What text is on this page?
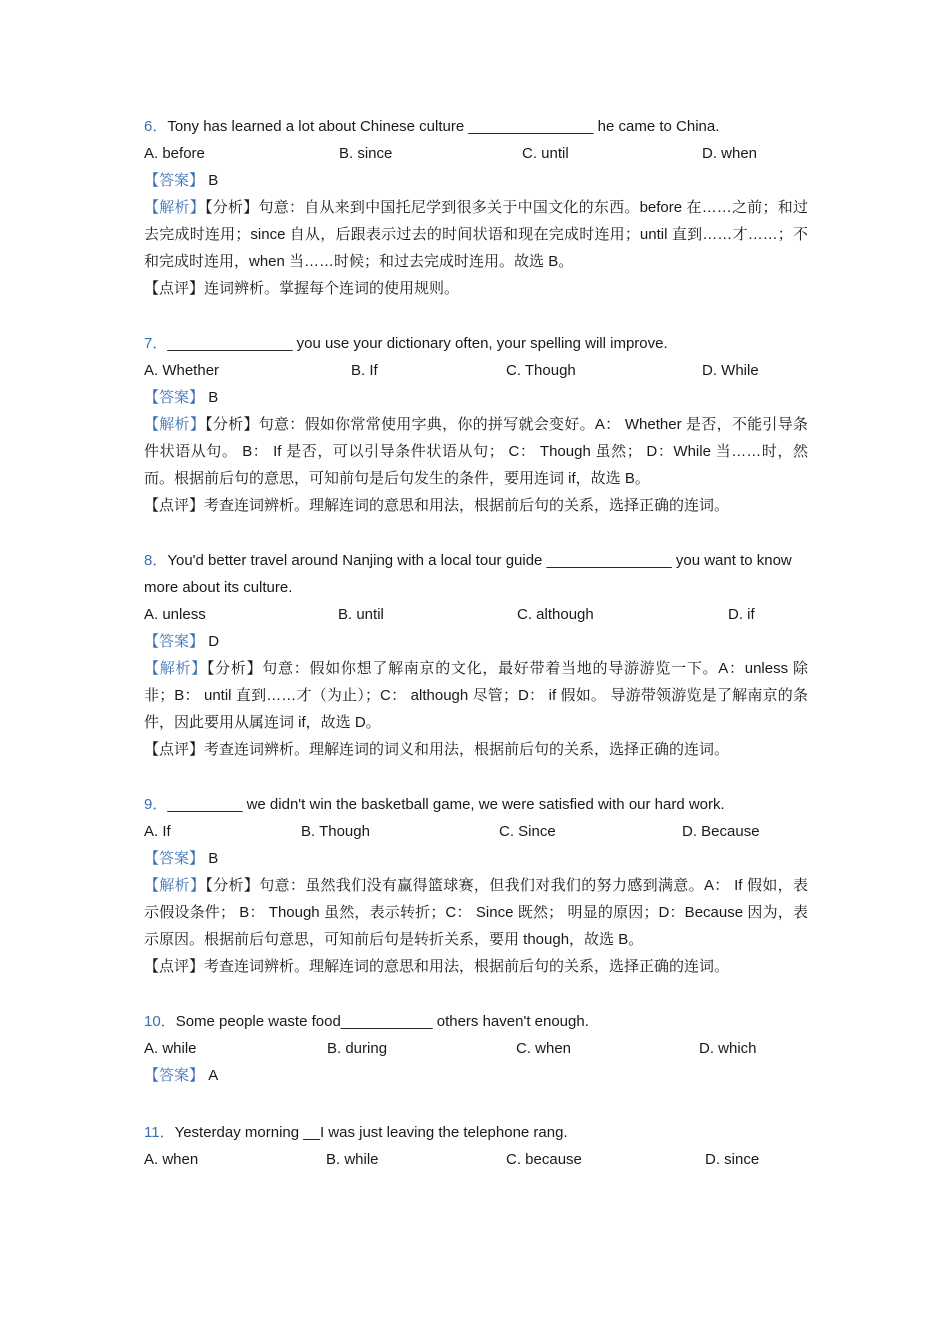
6．Tony has learned a lot about Chinese culture _______________ he came to China.
A. before	B. since	C. until	D. when
【答案】 B
【解析】【分析】句意：自从来到中国托尼学到很多关于中国文化的东西。before 在……之前；和过去完成时连用；since 自从，后跟表示过去的时间状语和现在完成时连用；until 直到……才……；不和完成时连用，when 当……时候；和过去完成时连用。故选 B。
【点评】连词辨析。掌握每个连词的使用规则。
7．_______________ you use your dictionary often, your spelling will improve.
A. Whether	B. If	C. Though	D. While
【答案】 B
【解析】【分析】句意：假如你常常使用字典，你的拼写就会变好。A： Whether 是否，不能引导条件状语从句。 B： If 是否，可以引导条件状语从句； C： Though 虽然； D：While 当……时，然而。根据前后句的意思，可知前句是后句发生的条件，要用连词 if，故选 B。
【点评】考查连词辨析。理解连词的意思和用法，根据前后句的关系，选择正确的连词。
8．You'd better travel around Nanjing with a local tour guide _______________ you want to know
more about its culture.
A. unless	B. until	C. although	D. if
【答案】 D
【解析】【分析】句意：假如你想了解南京的文化，最好带着当地的导游游览一下。A：unless 除非；B： until 直到……才（为止）；C： although 尽管；D： if 假如。 导游带领游览是了解南京的条件，因此要用从属连词 if，故选 D。
【点评】考查连词辨析。理解连词的词义和用法，根据前后句的关系，选择正确的连词。
9．_________ we didn't win the basketball game, we were satisfied with our hard work.
A. If	B. Though	C. Since	D. Because
【答案】 B
【解析】【分析】句意：虽然我们没有赢得篮球赛，但我们对我们的努力感到满意。A： If 假如，表示假设条件； B： Though 虽然，表示转折；C： Since 既然； 明显的原因；D：Because 因为，表示原因。根据前后句意思，可知前后句是转折关系，要用 though，故选 B。
【点评】考查连词辨析。理解连词的意思和用法，根据前后句的关系，选择正确的连词。
10．Some people waste food___________ others haven't enough.
A. while	B. during	C. when	D. which
【答案】 A
11．Yesterday morning __I was just leaving the telephone rang.
A. when	B. while	C. because	D. since
